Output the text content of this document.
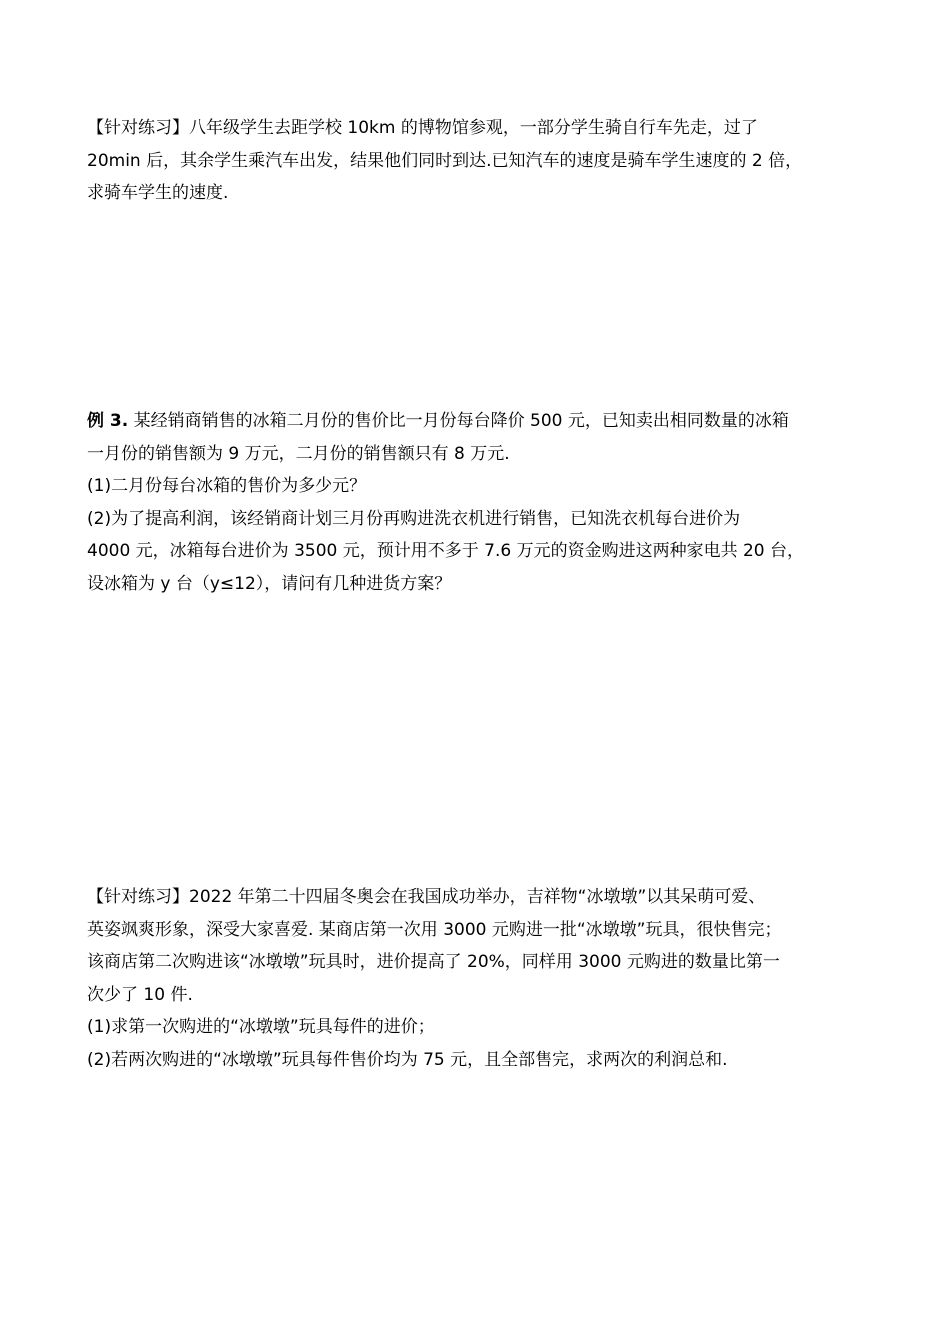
【针对练习】八年级学生去距学校 10km 的博物馆参观，一部分学生骑自行车先走，过了
20min 后，其余学生乘汽车出发，结果他们同时到达.已知汽车的速度是骑车学生速度的 2 倍，
求骑车学生的速度.
例 3. 某经销商销售的冰箱二月份的售价比一月份每台降价 500 元，已知卖出相同数量的冰箱
一月份的销售额为 9 万元，二月份的销售额只有 8 万元.
(1)二月份每台冰箱的售价为多少元？
(2)为了提高利润，该经销商计划三月份再购进洗衣机进行销售，已知洗衣机每台进价为
4000 元，冰箱每台进价为 3500 元，预计用不多于 7.6 万元的资金购进这两种家电共 20 台，
设冰箱为 y 台（y≤12），请问有几种进货方案？
【针对练习】2022 年第二十四届冬奥会在我国成功举办，吉祥物“冰墩墩”以其呆萌可爱、
英姿飒爽形象，深受大家喜爱. 某商店第一次用 3000 元购进一批“冰墩墩”玩具，很快售完；
该商店第二次购进该“冰墩墩”玩具时，进价提高了 20%，同样用 3000 元购进的数量比第一
次少了 10 件.
(1)求第一次购进的“冰墩墩”玩具每件的进价；
(2)若两次购进的“冰墩墩”玩具每件售价均为 75 元，且全部售完，求两次的利润总和.
